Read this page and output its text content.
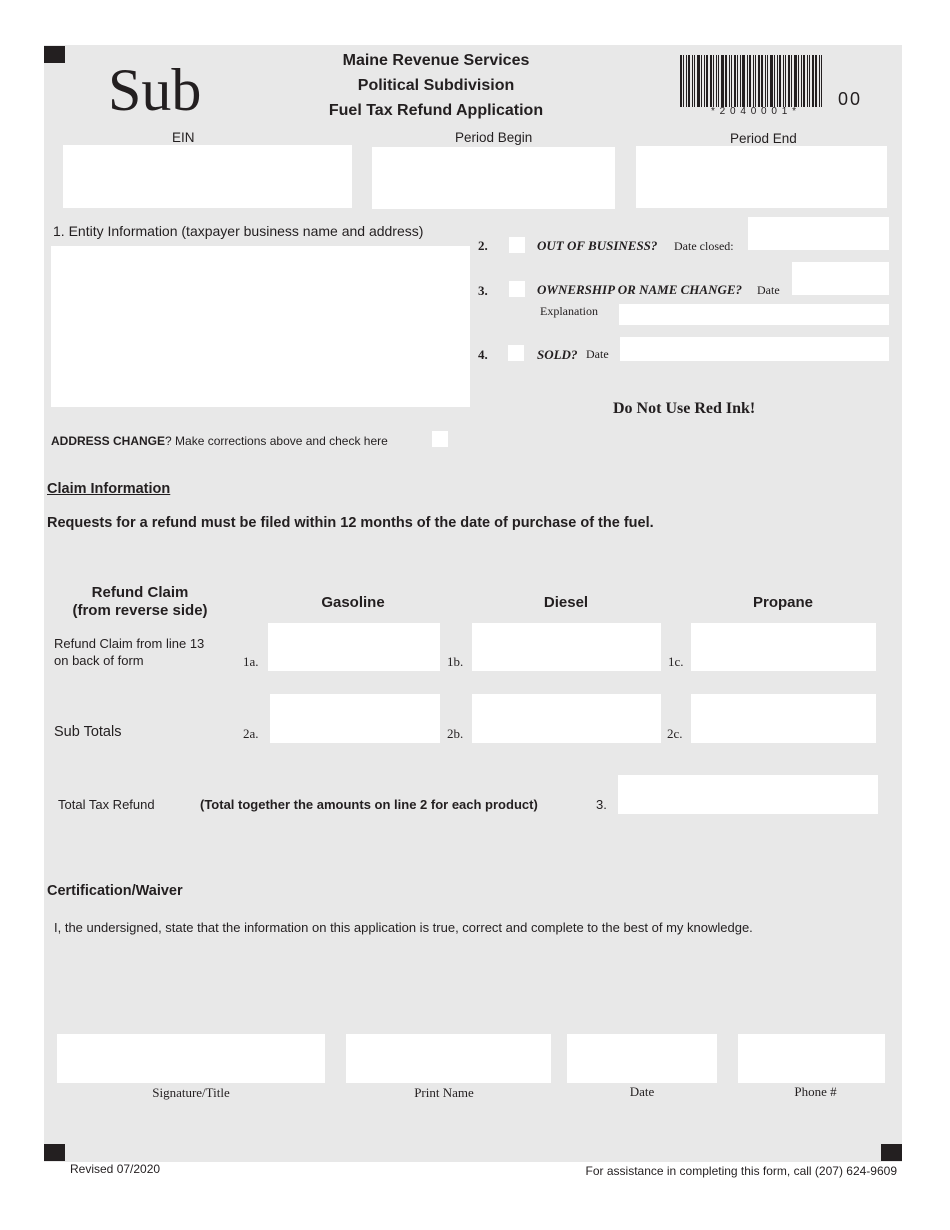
Sub	Maine Revenue Services
Political Subdivision
Fuel Tax Refund Application	* 2 0 4 0 0 0 1 *
00
EIN	Period Begin	Period End
1. Entity Information (taxpayer business name and address)
ADDRESS CHANGE? Make corrections above and check here
2.	OUT OF BUSINESS? Date closed:
3.	OWNERSHIP OR NAME CHANGE? Date
Explanation
4.	SOLD? Date
Do Not Use Red Ink!
Claim Information
Requests for a refund must be filed within 12 months of the date of purchase of the fuel.
Refund Claim
(from reverse side)	Gasoline	Diesel	Propane
Refund Claim from line 13
on back of form	1a.	1b.	1c.
Sub Totals	2a.	2b.	2c.
Total Tax Refund	(Total together the amounts on line 2 for each product)	3.
Certification/Waiver
I, the undersigned, state that the information on this application is true, correct and complete to the best of my knowledge.
Signature/Title	Print Name	Date	Phone #
Revised 07/2020	For assistance in completing this form, call (207) 624-9609
